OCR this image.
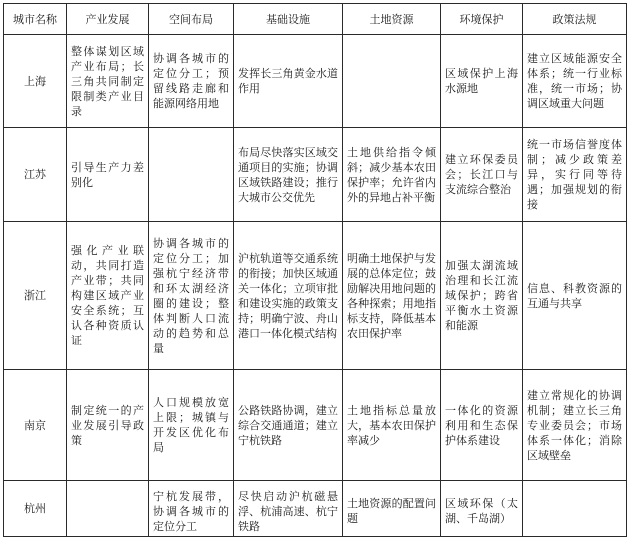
城市名称	产业发展	空间布局	基础设施	土地资源	环境保护	政策法规
上海	整体谋划区域产业布局；长三角共同制定限制类产业目录	协调各城市的定位分工；预留线路走廊和能源网络用地	发挥长三角黄金水道作用		区域保护上海水源地	建立区域能源安全体系；统一行业标准，统一市场；协调区域重大问题
江苏	引导生产力差别化		布局尽快落实区域交通项目的实施；协调区域铁路建设；推行大城市公交优先	土地供给指令倾斜；减少基本农田保护率；允许省内外的异地占补平衡	建立环保委员会；长江口与支流综合整治	统一市场信誉度体制；减少政策差异，实行同等待遇；加强规划的衔接
浙江	强化产业联动，共同打造产业带；共同构建区域产业安全系统；互认各种资质认证	协调各城市的定位分工；加强杭宁经济带和环太湖经济圈的建设；整体判断人口流动的趋势和总量	沪杭轨道等交通系统的衔接；加快区域通关一体化；立项审批和建设实施的政策支持；明确宁波、舟山港口一体化模式结构	明确土地保护与发展的总体定位；鼓励解决用地问题的各种探索；用地指标支持，降低基本农田保护率	加强太湖流域治理和长江流域保护；跨省平衡水土资源和能源	信息、科教资源的互通与共享
南京	制定统一的产业发展引导政策	人口规模放宽上限；城镇与开发区优化布局	公路铁路协调，建立综合交通通道；建立宁杭铁路	土地指标总量放大，基本农田保护率减少	一体化的资源利用和生态保护体系建设	建立常规化的协调机制；建立长三角专业委员会；市场体系一体化；消除区域壁垒
杭州		宁杭发展带，协调各城市的定位分工	尽快启动沪杭磁悬浮、杭浦高速、杭宁铁路	土地资源的配置问题	区域环保（太湖、千岛湖）	
